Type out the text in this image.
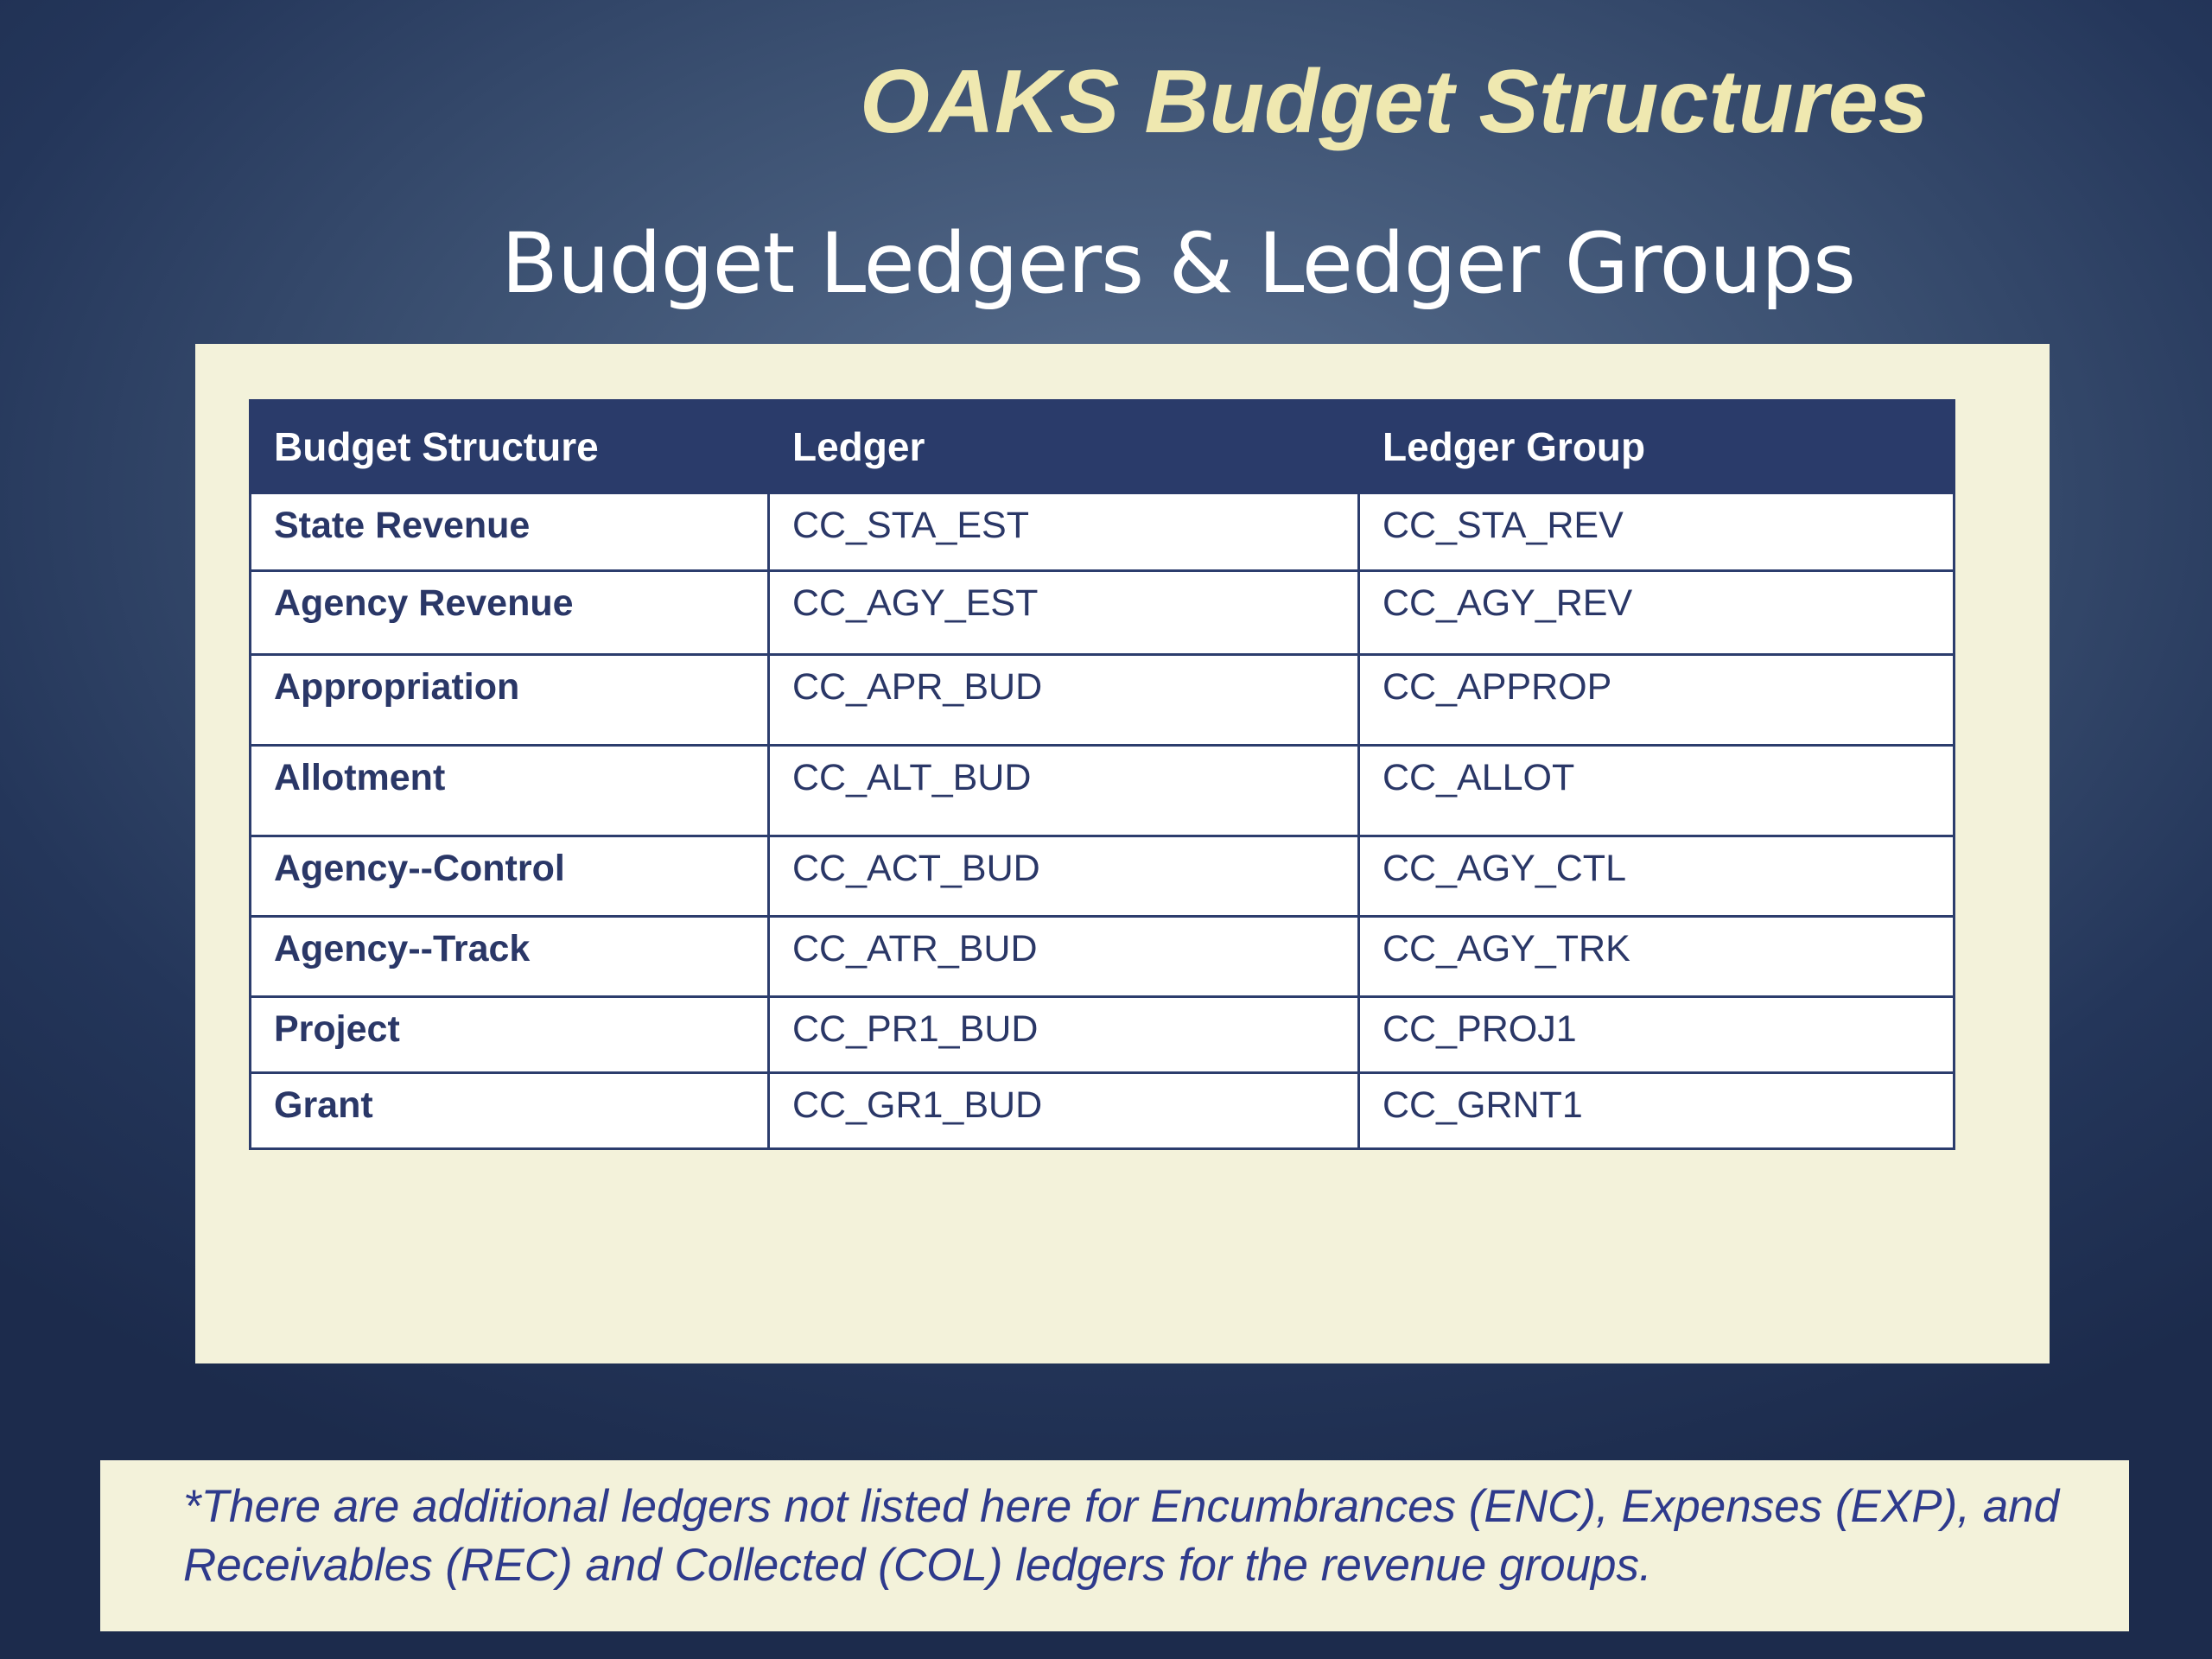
OAKS Budget Structures
Budget Ledgers & Ledger Groups
Budget Structure	Ledger	Ledger Group
State Revenue	CC_STA_EST	CC_STA_REV
Agency Revenue	CC_AGY_EST	CC_AGY_REV
Appropriation	CC_APR_BUD	CC_APPROP
Allotment	CC_ALT_BUD	CC_ALLOT
Agency--Control	CC_ACT_BUD	CC_AGY_CTL
Agency--Track	CC_ATR_BUD	CC_AGY_TRK
Project	CC_PR1_BUD	CC_PROJ1
Grant	CC_GR1_BUD	CC_GRNT1
*There are additional ledgers not listed here for Encumbrances (ENC), Expenses (EXP), and Receivables (REC) and Collected (COL) ledgers for the revenue groups.
